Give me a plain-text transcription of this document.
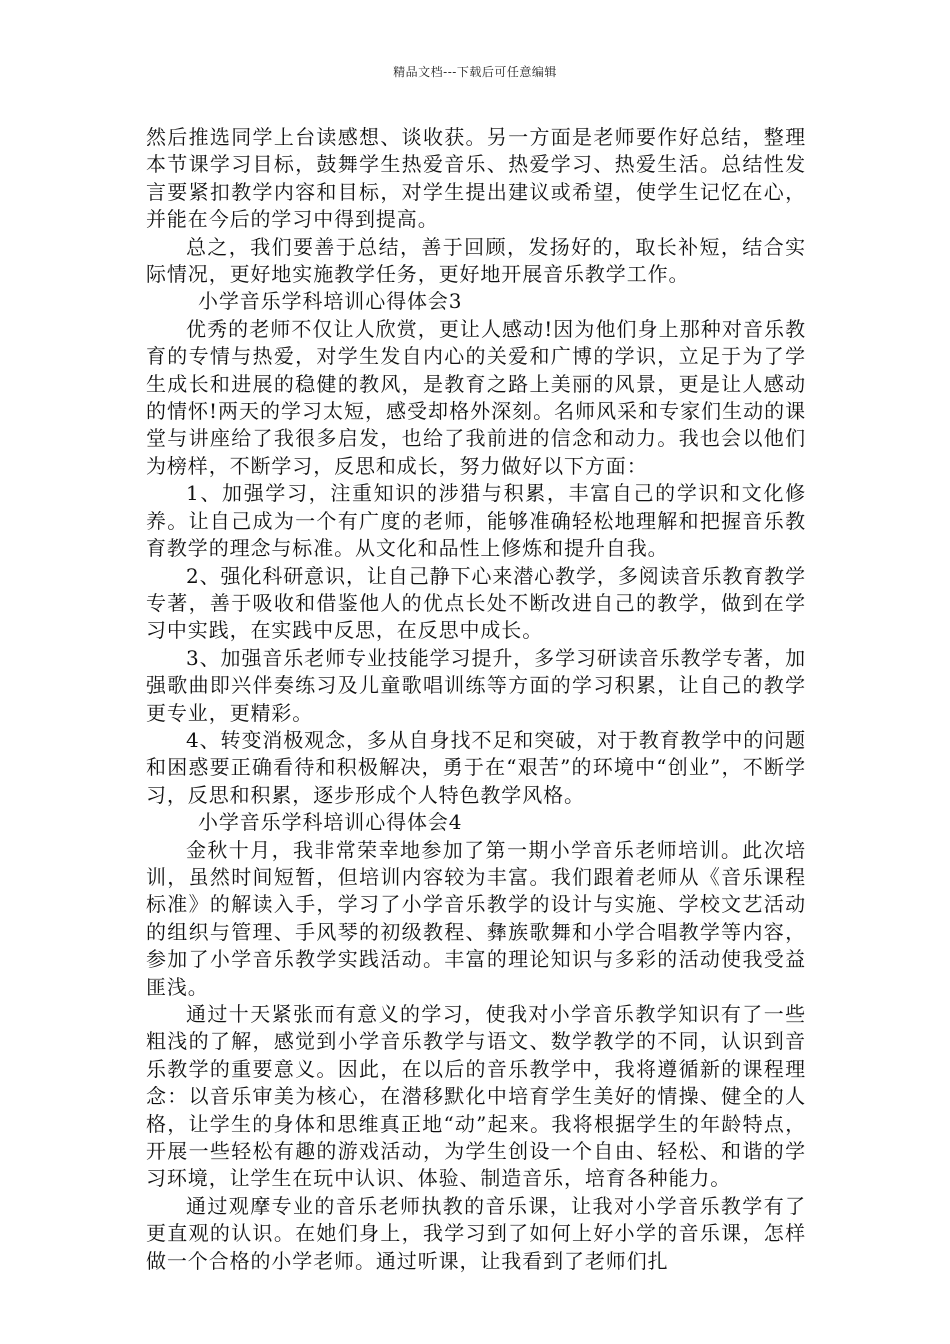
精品文档---下载后可任意编辑

然后推选同学上台读感想、谈收获。另一方面是老师要作好总结，整理本节课学习目标，鼓舞学生热爱音乐、热爱学习、热爱生活。总结性发言要紧扣教学内容和目标，对学生提出建议或希望，使学生记忆在心，并能在今后的学习中得到提高。

总之，我们要善于总结，善于回顾，发扬好的，取长补短，结合实际情况，更好地实施教学任务，更好地开展音乐教学工作。

小学音乐学科培训心得体会3

优秀的老师不仅让人欣赏，更让人感动!因为他们身上那种对音乐教育的专情与热爱，对学生发自内心的关爱和广博的学识，立足于为了学生成长和进展的稳健的教风，是教育之路上美丽的风景，更是让人感动的情怀!两天的学习太短，感受却格外深刻。名师风采和专家们生动的课堂与讲座给了我很多启发，也给了我前进的信念和动力。我也会以他们为榜样，不断学习，反思和成长，努力做好以下方面：

1、加强学习，注重知识的涉猎与积累，丰富自己的学识和文化修养。让自己成为一个有广度的老师，能够准确轻松地理解和把握音乐教育教学的理念与标准。从文化和品性上修炼和提升自我。

2、强化科研意识，让自己静下心来潜心教学，多阅读音乐教育教学专著，善于吸收和借鉴他人的优点长处不断改进自己的教学，做到在学习中实践，在实践中反思，在反思中成长。

3、加强音乐老师专业技能学习提升，多学习研读音乐教学专著，加强歌曲即兴伴奏练习及儿童歌唱训练等方面的学习积累，让自己的教学更专业，更精彩。

4、转变消极观念，多从自身找不足和突破，对于教育教学中的问题和困惑要正确看待和积极解决，勇于在“艰苦”的环境中“创业”，不断学习，反思和积累，逐步形成个人特色教学风格。

小学音乐学科培训心得体会4

金秋十月，我非常荣幸地参加了第一期小学音乐老师培训。此次培训，虽然时间短暂，但培训内容较为丰富。我们跟着老师从《音乐课程标准》的解读入手，学习了小学音乐教学的设计与实施、学校文艺活动的组织与管理、手风琴的初级教程、彝族歌舞和小学合唱教学等内容，参加了小学音乐教学实践活动。丰富的理论知识与多彩的活动使我受益匪浅。

通过十天紧张而有意义的学习，使我对小学音乐教学知识有了一些粗浅的了解，感觉到小学音乐教学与语文、数学教学的不同，认识到音乐教学的重要意义。因此，在以后的音乐教学中，我将遵循新的课程理念：以音乐审美为核心，在潜移默化中培育学生美好的情操、健全的人格，让学生的身体和思维真正地“动”起来。我将根据学生的年龄特点，开展一些轻松有趣的游戏活动，为学生创设一个自由、轻松、和谐的学习环境，让学生在玩中认识、体验、制造音乐，培育各种能力。

通过观摩专业的音乐老师执教的音乐课，让我对小学音乐教学有了更直观的认识。在她们身上，我学习到了如何上好小学的音乐课，怎样做一个合格的小学老师。通过听课，让我看到了老师们扎
